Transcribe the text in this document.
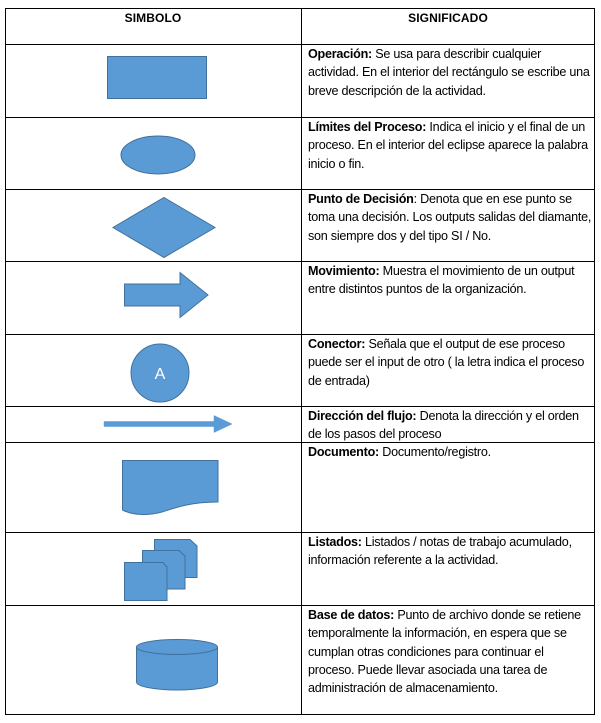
SIMBOLO	SIGNIFICADO
Operación: Se usa para describir cualquier actividad. En el interior del rectángulo se escribe una breve descripción de la actividad.
Límites del Proceso: Indica el inicio y el final de un proceso. En el interior del eclipse aparece la palabra inicio o fin.
Punto de Decisión: Denota que en ese punto se toma una decisión. Los outputs salidas del diamante, son siempre dos y del tipo SI / No.
Movimiento: Muestra el movimiento de un output entre distintos puntos de la organización.
A
Conector: Señala que el output de ese proceso puede ser el input de otro ( la letra indica el proceso de entrada)
Dirección del flujo: Denota la dirección y el orden de los pasos del proceso
Documento: Documento/registro.
Listados: Listados / notas de trabajo acumulado, información referente a la actividad.
Base de datos: Punto de archivo donde se retiene temporalmente la información, en espera que se cumplan otras condiciones para continuar el proceso. Puede llevar asociada una tarea de administración de almacenamiento.
